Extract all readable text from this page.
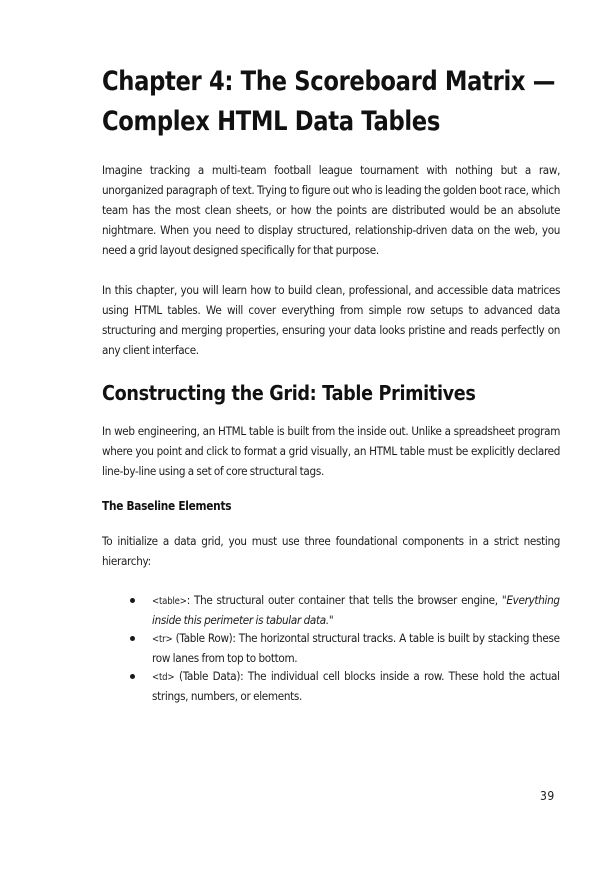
Chapter 4: The Scoreboard Matrix — Complex HTML Data Tables

Imagine tracking a multi-team football league tournament with nothing but a raw, unorganized paragraph of text. Trying to figure out who is leading the golden boot race, which team has the most clean sheets, or how the points are distributed would be an absolute nightmare. When you need to display structured, relationship-driven data on the web, you need a grid layout designed specifically for that purpose.

In this chapter, you will learn how to build clean, professional, and accessible data matrices using HTML tables. We will cover everything from simple row setups to advanced data structuring and merging properties, ensuring your data looks pristine and reads perfectly on any client interface.

Constructing the Grid: Table Primitives

In web engineering, an HTML table is built from the inside out. Unlike a spreadsheet program where you point and click to format a grid visually, an HTML table must be explicitly declared line-by-line using a set of core structural tags.

The Baseline Elements

To initialize a data grid, you must use three foundational components in a strict nesting hierarchy:

<table>: The structural outer container that tells the browser engine, "Everything inside this perimeter is tabular data."
<tr> (Table Row): The horizontal structural tracks. A table is built by stacking these row lanes from top to bottom.
<td> (Table Data): The individual cell blocks inside a row. These hold the actual strings, numbers, or elements.
39
